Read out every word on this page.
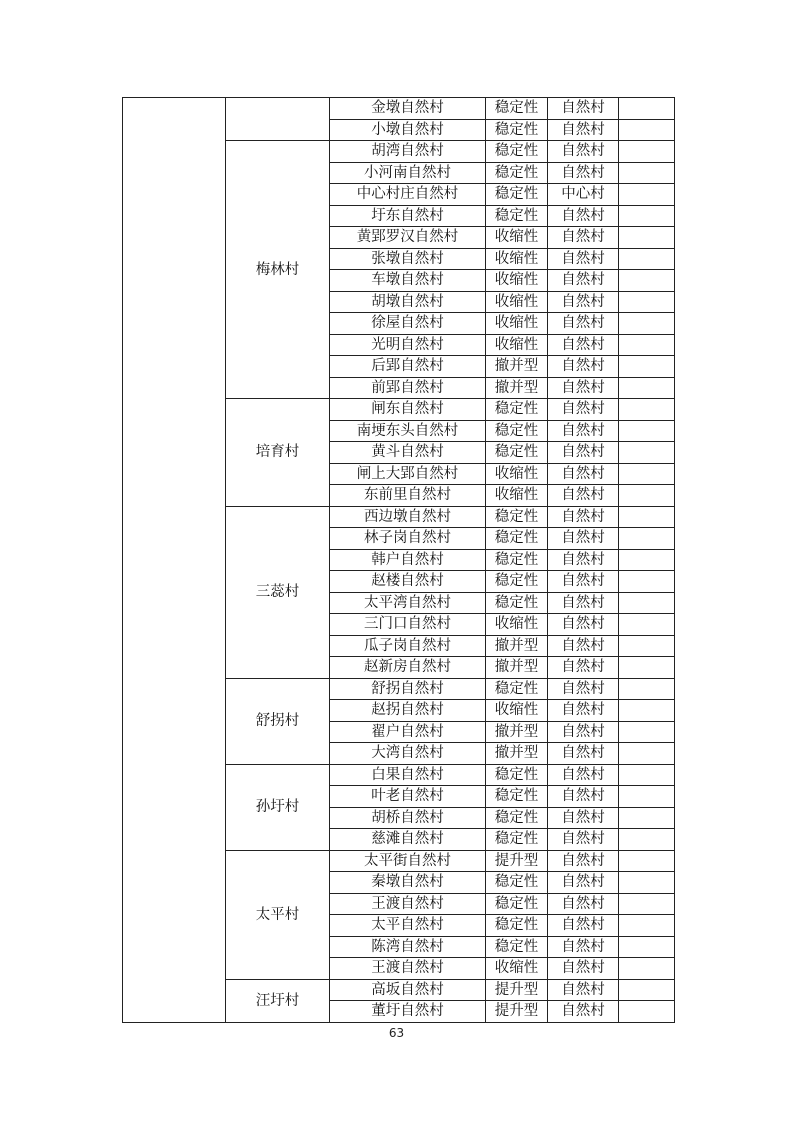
		金墩自然村	稳定性	自然村	
		小墩自然村	稳定性	自然村	
	梅林村	胡湾自然村	稳定性	自然村	
		小河南自然村	稳定性	自然村	
		中心村庄自然村	稳定性	中心村	
		圩东自然村	稳定性	自然村	
		黄郢罗汉自然村	收缩性	自然村	
		张墩自然村	收缩性	自然村	
		车墩自然村	收缩性	自然村	
		胡墩自然村	收缩性	自然村	
		徐屋自然村	收缩性	自然村	
		光明自然村	收缩性	自然村	
		后郢自然村	撤并型	自然村	
		前郢自然村	撤并型	自然村	
	培育村	闸东自然村	稳定性	自然村	
		南埂东头自然村	稳定性	自然村	
		黄斗自然村	稳定性	自然村	
		闸上大郢自然村	收缩性	自然村	
		东前里自然村	收缩性	自然村	
	三蕊村	西边墩自然村	稳定性	自然村	
		林子岗自然村	稳定性	自然村	
		韩户自然村	稳定性	自然村	
		赵楼自然村	稳定性	自然村	
		太平湾自然村	稳定性	自然村	
		三门口自然村	收缩性	自然村	
		瓜子岗自然村	撤并型	自然村	
		赵新房自然村	撤并型	自然村	
	舒拐村	舒拐自然村	稳定性	自然村	
		赵拐自然村	收缩性	自然村	
		翟户自然村	撤并型	自然村	
		大湾自然村	撤并型	自然村	
	孙圩村	白果自然村	稳定性	自然村	
		叶老自然村	稳定性	自然村	
		胡桥自然村	稳定性	自然村	
		慈滩自然村	稳定性	自然村	
	太平村	太平街自然村	提升型	自然村	
		秦墩自然村	稳定性	自然村	
		王渡自然村	稳定性	自然村	
		太平自然村	稳定性	自然村	
		陈湾自然村	稳定性	自然村	
		王渡自然村	收缩性	自然村	
	汪圩村	高坂自然村	提升型	自然村	
		董圩自然村	提升型	自然村	
63
